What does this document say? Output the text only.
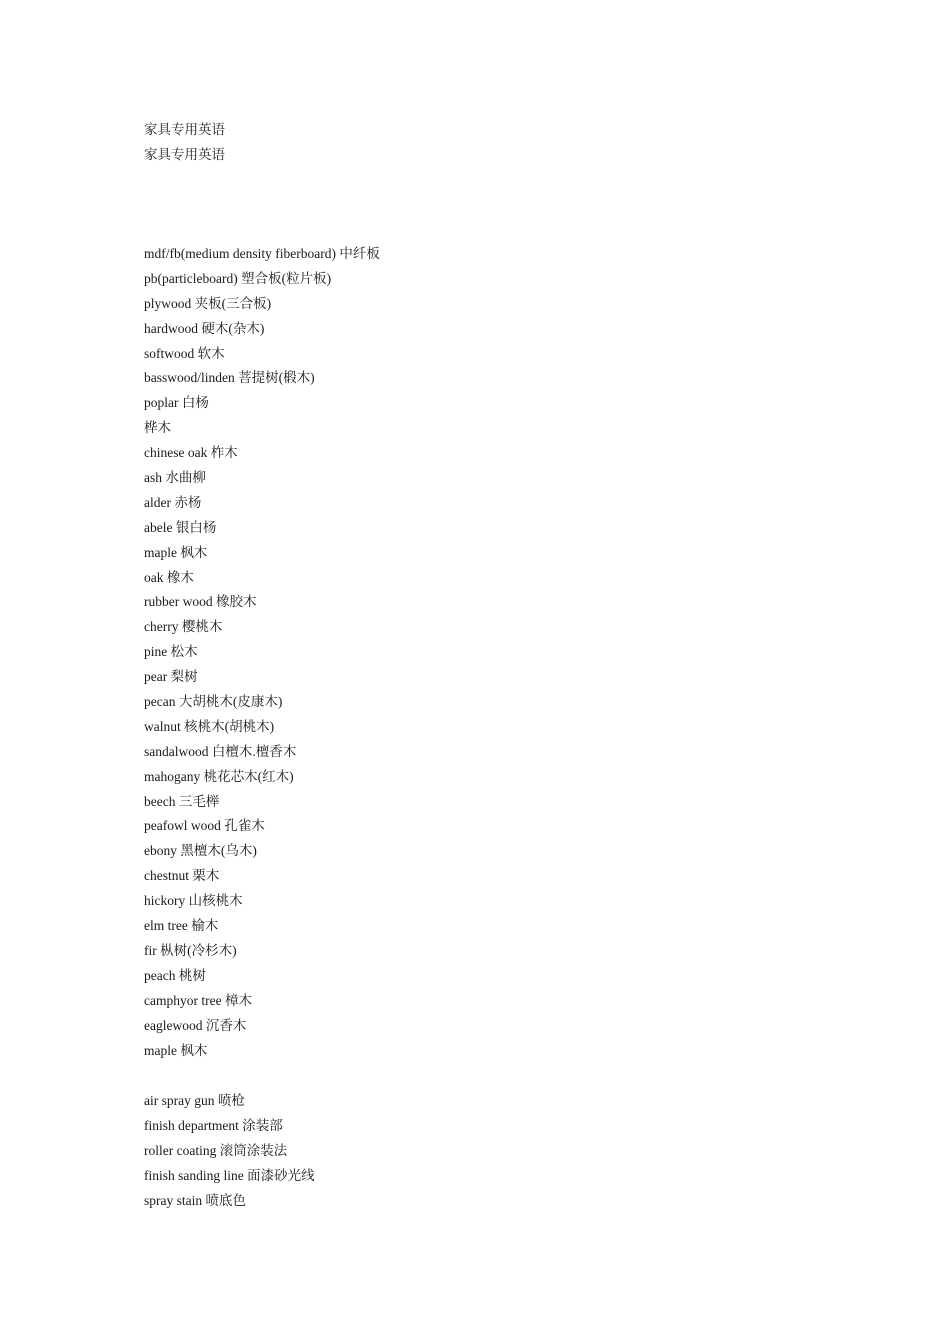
家具专用英语
家具专用英语
mdf/fb(medium density fiberboard) 中纤板
pb(particleboard) 塑合板(粒片板)
plywood 夹板(三合板)
hardwood 硬木(杂木)
softwood 软木
basswood/linden 菩提树(椴木)
poplar 白杨
桦木
chinese oak 柞木
ash 水曲柳
alder 赤杨
abele 银白杨
maple 枫木
oak 橡木
rubber wood 橡胶木
cherry 樱桃木
pine 松木
pear 梨树
pecan 大胡桃木(皮康木)
walnut 核桃木(胡桃木)
sandalwood 白檀木.檀香木
mahogany 桃花芯木(红木)
beech 三毛榉
peafowl wood 孔雀木
ebony 黑檀木(乌木)
chestnut 栗木
hickory 山核桃木
elm tree 榆木
fir 枞树(冷杉木)
peach 桃树
camphyor tree 樟木
eaglewood 沉香木
maple 枫木
air spray gun 喷枪
finish department 涂装部
roller coating 滚筒涂装法
finish sanding line 面漆砂光线
spray stain 喷底色
